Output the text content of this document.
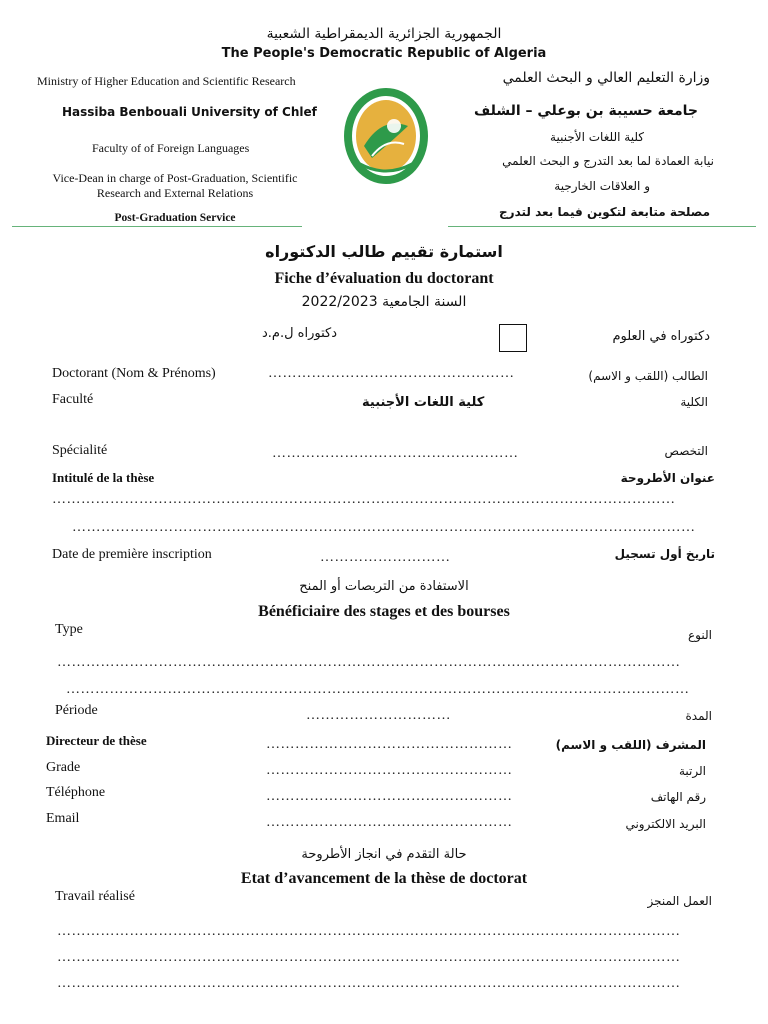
الجمهورية الجزائرية الديمقراطية الشعبية
The People's Democratic Republic of Algeria
Ministry of Higher Education and Scientific Research
Hassiba Benbouali University of Chlef
Faculty of of Foreign Languages
Vice-Dean in charge of Post-Graduation, Scientific
Research and External Relations
Post-Graduation Service
وزارة التعليم العالي و البحث العلمي
جامعة حسيبة بن بوعلي – الشلف
كلية اللغات الأجنبية
نيابة العمادة لما بعد التدرج و البحث العلمي
و العلاقات الخارجية
مصلحة متابعة لتكوين فيما بعد لتدرج
استمارة تقييم طالب الدكتوراه
Fiche d’évaluation du doctorant
السنة الجامعية 2022/2023
دكتوراه ل.م.د	دكتوراه في العلوم
Doctorant (Nom & Prénoms)	……………………………………………	الطالب (اللقب و الاسم)
Faculté	كلية اللغات الأجنبية	الكلية
Spécialité	……………………………………………	التخصص
Intitulé de la thèse	عنوان الأطروحة
…………………………………………………………………………………………………………………
…………………………………………………………………………………………………………………
Date de première inscription	………………………	تاريخ أول تسجيل
الاستفادة من التربصات أو المنح
Bénéficiaire des stages et des bourses
Type	النوع
…………………………………………………………………………………………………………………
…………………………………………………………………………………………………………………
Période	…………………………	المدة
Directeur de thèse	……………………………………………	المشرف (اللقب و الاسم)
Grade	……………………………………………	الرتبة
Téléphone	……………………………………………	رقم الهاتف
Email	……………………………………………	البريد الالكتروني
حالة التقدم في انجاز الأطروحة
Etat d’avancement de la thèse de doctorat
Travail réalisé	العمل المنجز
…………………………………………………………………………………………………………………
…………………………………………………………………………………………………………………
…………………………………………………………………………………………………………………
